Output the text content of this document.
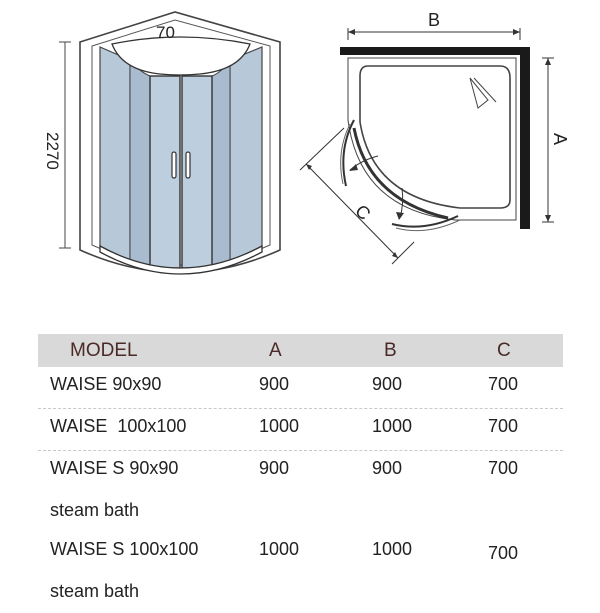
70
2270
B
A
C
MODEL	A	B	C
WAISE 90x90	900	900	700
WAISE  100x100	1000	1000	700
WAISE S 90x90	900	900	700
steam bath
WAISE S 100x100	1000	1000	700
steam bath
